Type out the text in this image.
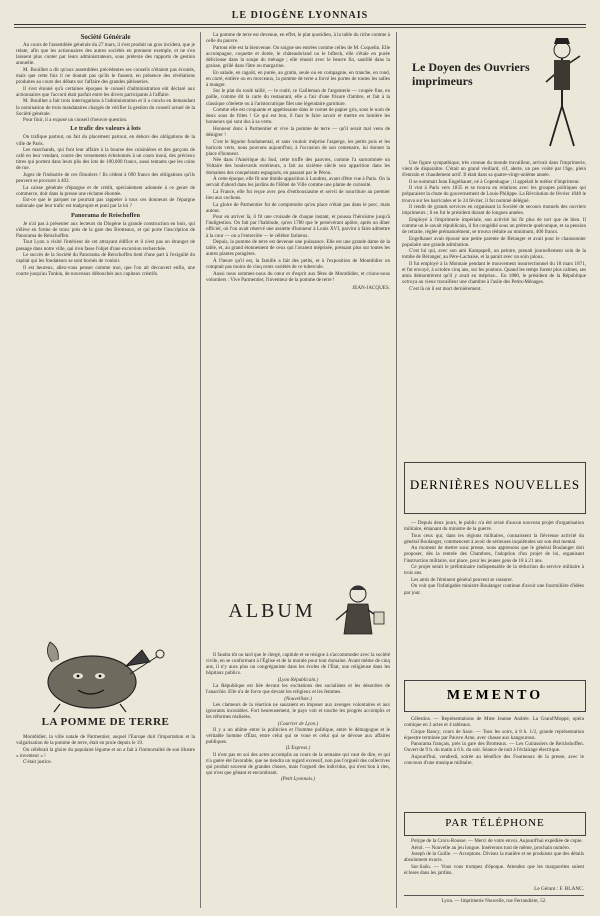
LE DIOGÈNE LYONNAIS
Société Générale

Au cours de l'assemblée générale du 27 mars, il s'est produit un gros incident, que je relate, afin que les actionnaires des autres sociétés en prennent exemple, et ne s'en laissent plus conter par leurs administrateurs, sous prétexte des rapports de gestion annuelle.

M. Bouilhet a dit qu'aux assemblées précédentes ses conseils n'étaient pas écoutés, mais que cette fois il ne doutait pas qu'ils le fussent, en présence des révélations produites au cours des débats sur l'affaire des grandes pâtisseries.

Il s'est étonné qu'à certaines époques le conseil d'administration eût déclaré aux actionnaires que l'accord était parfait entre les divers participants à l'affaire.

M. Bouilhet a fait trois interrogations à l'administration et il a conclu en demandant la nomination de trois mandataires chargés de vérifier la gestion du conseil actuel de la Société générale.

Pour finir, il a exposé un conseil d'oeuvre question.

Le trafic des valeurs à lots

On trafique partout, on fait du placement partout, en dehors des obligations de la ville de Paris.

Les marchands, qui font leur affaire à la bourse des cuisinières et des garçons de café en leur vendant, contre des versements échelonnés à un cours inouï, des précieux titres qui portent dans leurs plis des lots de 100,000 francs, aussi tentants que les coins de rue.

Jugez de l'industrie de ces filoutiers ! Ils cèdent à 690 francs des obligations qu'ils peuvent se procurer à 402.

La caisse générale d'épargne et de crédit, spécialement adonnée à ce genre de commerce, doit dans la presse une réclame éhontée.

Est-ce que le parquet ne pourrait pas rappeler à tous ces donneurs de l'épargne nationale que leur trafic est malpropre et puni par la loi ?

Panorama de Reischoffen

Je n'ai pas à présenter aux lecteurs du Diogène la grande construction en bois, qui s'élève en forme de tronc près de la gare des Brotteaux, et qui porte l'inscription de Panorama de Reischoffen.

Tout Lyon a visité l'intérieur de cet attrayant édifice et il n'est pas un étranger de passage dans notre ville, qui n'en fasse l'objet d'une excursion recherchée.

Le succès de la Société du Panorama de Reischoffen tient d'une part à l'exiguïté du capital qui les fondateurs se sont bornés de vouloir.

Il est heureux, allez-vous penser comme moi, que l'on ait découvert enfin, une courte jusqu'au Tonkin, de nouveaux débouchés aux capitaux créatifs.

LA POMME DE TERRE

Montdidier, la ville natale de Parmentier, auquel l'Europe doit l'importation et la vulgarisation de la pomme de terre, était en proie depuis le 19.

On célébrait la gloire du populaire légume et on a fait à l'immortalité de son illustre « inventeur » !

C'était justice.

La pomme de terre est devenue, en effet, le plat quotidien, à la table du riche comme à celle du pauvre.

Partout elle est la bienvenue. On soigne ses entrées comme celles de M. Coquelin. Elle accompagne, coquette et dorée, le châteaubriand ou le bifteck, elle s'étale en purée délicieuse dans la soupe du ménage ; elle réussit avec le beurre fin, sautillé dans la graisse, grillé dans l'âtre ou margarine.

En salade, en ragoût, en purée, au gratin, seule ou en compagnie, en tranche, en rond, en carré, entière ou en morceaux, la pomme de terre a forcé les portes de toutes les salles à manger.

Sur le plat du roulé taillé, — le roulé, ce Gailleman de l'argenterie — coupée fine, en paille, comme dit la carte du restaurant, elle a l'air d'une frisure d'ambre, et fait à la classique côtelette ou à l'aristocratique filet une légendaire garniture.

Comme elle est croquante et appétissante dans le cornet de papier gris, sous le nom de deux sous de frites ! Ce qui est bon, il faut le faire savoir et mettre en lumière les honneurs qui sont dus à sa vertu.

Honneur donc à Parmentier et vive la pomme de terre — qu'il serait mal venu de dénigrer !

C'est le légume fondamental, et sans vouloir méprise l'asperge, les petits pois et les haricots verts, nous pouvons aujourd'hui, à l'occasion de son centenaire, lui donner la place d'honneur.

Née dans l'Amérique du Sud, cette truffe des pauvres, comme l'a surnommée un Voltaire des boulevards extérieurs, a fait au sixième siècle son apparition dans les domaines des conquérants espagnols, en passant par le Pérou.

À cette époque, elle fit une timide apparition à Londres, avant d'être vue à Paris. On la servait d'abord dans les jardins de l'Hôtel de Ville comme une plante de curiosité.

La France, elle fut reçue avec peu d'enthousiasme et servit de nourriture au premier lieu aux cochons.

La gloire de Parmentier fut de comprendre qu'en place n'était pas dans le porc, mais autour.

Pour en arriver là, il fit une croisade de chaque instant, et poussa l'héroïsme jusqu'à l'indigestion. On fait par l'habitude, qu'en 1780 que le persévérant apôtre, après un dîner officiel, où l'on avait réservé une assiette d'honneur à Louis XVI, parvint à faire admettre à la cour — on a l'entrecôte — le célèbre farineux.

Depuis, la pomme de terre est devenue une puissance. Elle est une grande dame de la table, et, au grand étonnement de ceux qui l'avaient méprisée, pressant plus sur toutes les autres plantes potagères.

À l'heure qu'il est, la famille a fait des petits, et à l'exposition de Montdidier on comptait pas moins de cinq cents variétés de ce tubercule.

Aussi nous sommes-nous du cœur et d'esprit aux fêtes de Montdidier, et crions-nous volontiers : Vive Parmentier, l'inventeur de la pomme de terre !

JEAN-JACQUES.
ALBUM

Il faudra tôt ou tard que le clergé, capitule et se résigne à s'accommoder avec la société civile, en se conformant à l'Église et de la morale pour tout domaine. Avant même de cinq ans, il n'y aura plus un congréganiste dans les écoles de l'État, une religieuse dans les hôpitaux publics.

(Lyon Républicain.)

La République est liée devant les excitations des socialistes et les désordres de l'anarchie. Elle n'a de force que devant les religieux et les femmes.

(Nouvelliste.)

Les clameurs de la réaction ne sauraient en imposer aux avenges volontaires et aux ignorants incurables. Fort heureusement, le pays voit et touche les progrès accomplis et les réformes réalisées.

(Courrier de Lyon.)

Il y a un abîme entre la politicien et l'homme politique, entre le démagogue et le véritable homme d'État, entre celui qui se voue et celui qui se dévoue aux affaires publiques.

(L'Express.)

Il n'est pas en soi des actes accomplis au cours de la semaine qui vaut de dire, et qui n'a guère été favorable, que ne tiendra un regard excessif, non pas l'orgueil des collectives qui produit souvent de grandes choses, mais l'orgueil des individus, qui n'est bon à rien, qui n'est que gênant et encombrant.

(Petit Lyonnais.)
Le Doyen des Ouvriers imprimeurs

Une figure sympathique, très connue du monde travailleur, arrivait dans l'imprimerie, vient de disparaître. C'était un grand vieillard, vif, alerte, un peu voûté par l'âge, plein d'entrain et chaudement actif. Il était dans sa quatre-vingt-unième année.

Il se nommait Jean Engelhauer, né à Copenhague ; il appelait le métier d'imprimeur.

Il vint à Paris vers 1835 et se trouva en relations avec les groupes politiques qui préparaient la chute du gouvernement de Louis-Philippe. La Révolution de février 1848 le trouva sur les barricades et le 24 février, il fut nommé délégué.

Il rendit de grands services en organisant la Société de secours mutuels des ouvriers imprimeurs ; il en fut le président durant de longues années.

Employé à l'imprimerie impériale, son activité lui fit plus de tort que de bien. Il comme un le savait républicain, il fut congédié sous un prétexte quelconque, et sa pension de retraite, réglée prématurément, se trouva réduite au minimum, 400 francs.

Engelhauer avait épousé une petite parente de Béranger et avait pour le chansonnier populaire une grande admiration.

C'est lui qui, avec son ami Kampspell, un peintre, prenait journellement soin de la tombe de Béranger, au Père-Lachaise, et la parait avec un soin jaloux.

Il fut employé à la Monnaie pendant le mouvement insurrectionnel du 18 mars 1871, et fut envoyé, à octobre cinq ans, sur les pontons. Quand les temps furent plus calmes, ses amis démontrèrent qu'il y avait eu méprise... En 1880, le président de la République octroya au vieux travailleur une chambre à l'asile des Petits-Ménages.

C'est là où il est mort dernièrement.

DERNIÈRES NOUVELLES

— Depuis deux jours, le public n'a été avisé d'aucun nouveau projet d'organisation militaire, émanant du ministre de la guerre.

Tous ceux qui, dans les régions militaires, connaissent la fiévreuse activité du général Boulanger, commencent à avoir de sérieuses inquiétudes sur son état mental.

Au moment de mettre sous presse, nous apprenons que le général Boulanger doit proposer, dès la rentrée des Chambres, l'adoption d'un projet de loi, organisant l'instruction militaire, sur place, pour les jeunes gens de 18 à 21 ans.

Ce projet serait le préliminaire indispensable de la réduction du service militaire à trois ans.

Les amis de l'éminent général peuvent se rassurer.

On voit que l'infatigable ministre Boulanger continue d'avoir une fourmilière d'idées par jour.

MEMENTO

Célestins. — Représentations de Mme Jeanne Andrée. La Grand'Moppé, opéra comique en 3 actes et 4 tableaux.

Cirque Rancy, cours de Saxe. — Tous les soirs, à 8 h. 1/2, grande représentation équestre terminée par Pauvre Arne, avec chasse aux kangourous.

Panorama français, près la gare des Brotteaux. — Les Cuirassiers de Reichshoffen. Ouvert de 9 h. du matin à 6 h. du soir. Séance de nuit à l'éclairage électrique.

Aujourd'hui, vendredi, soirée au bénéfice des Fourneaux de la presse, avec le concours d'une musique militaire.

PAR TÉLÉPHONE

Polype de la Croix-Rousse. — Merci de votre envoi. Aujourd'hui expédiée de copie.

Aérol. — Nouvelle au jeu longue. Insérerons tout de même, prochain numéro.

Joseph de la Guille. — Acceptons. Divisez la matière et ne produisez que des détails absolument exacts.

Sur-Saôn. — Vous vous trompez d'époque. Attendez que les marguerites soient écloses dans les jardins.

Le Gérant : F. BLANC.
Lyon. — Imprimerie Nouvelle, rue Ferrandière, 52.
